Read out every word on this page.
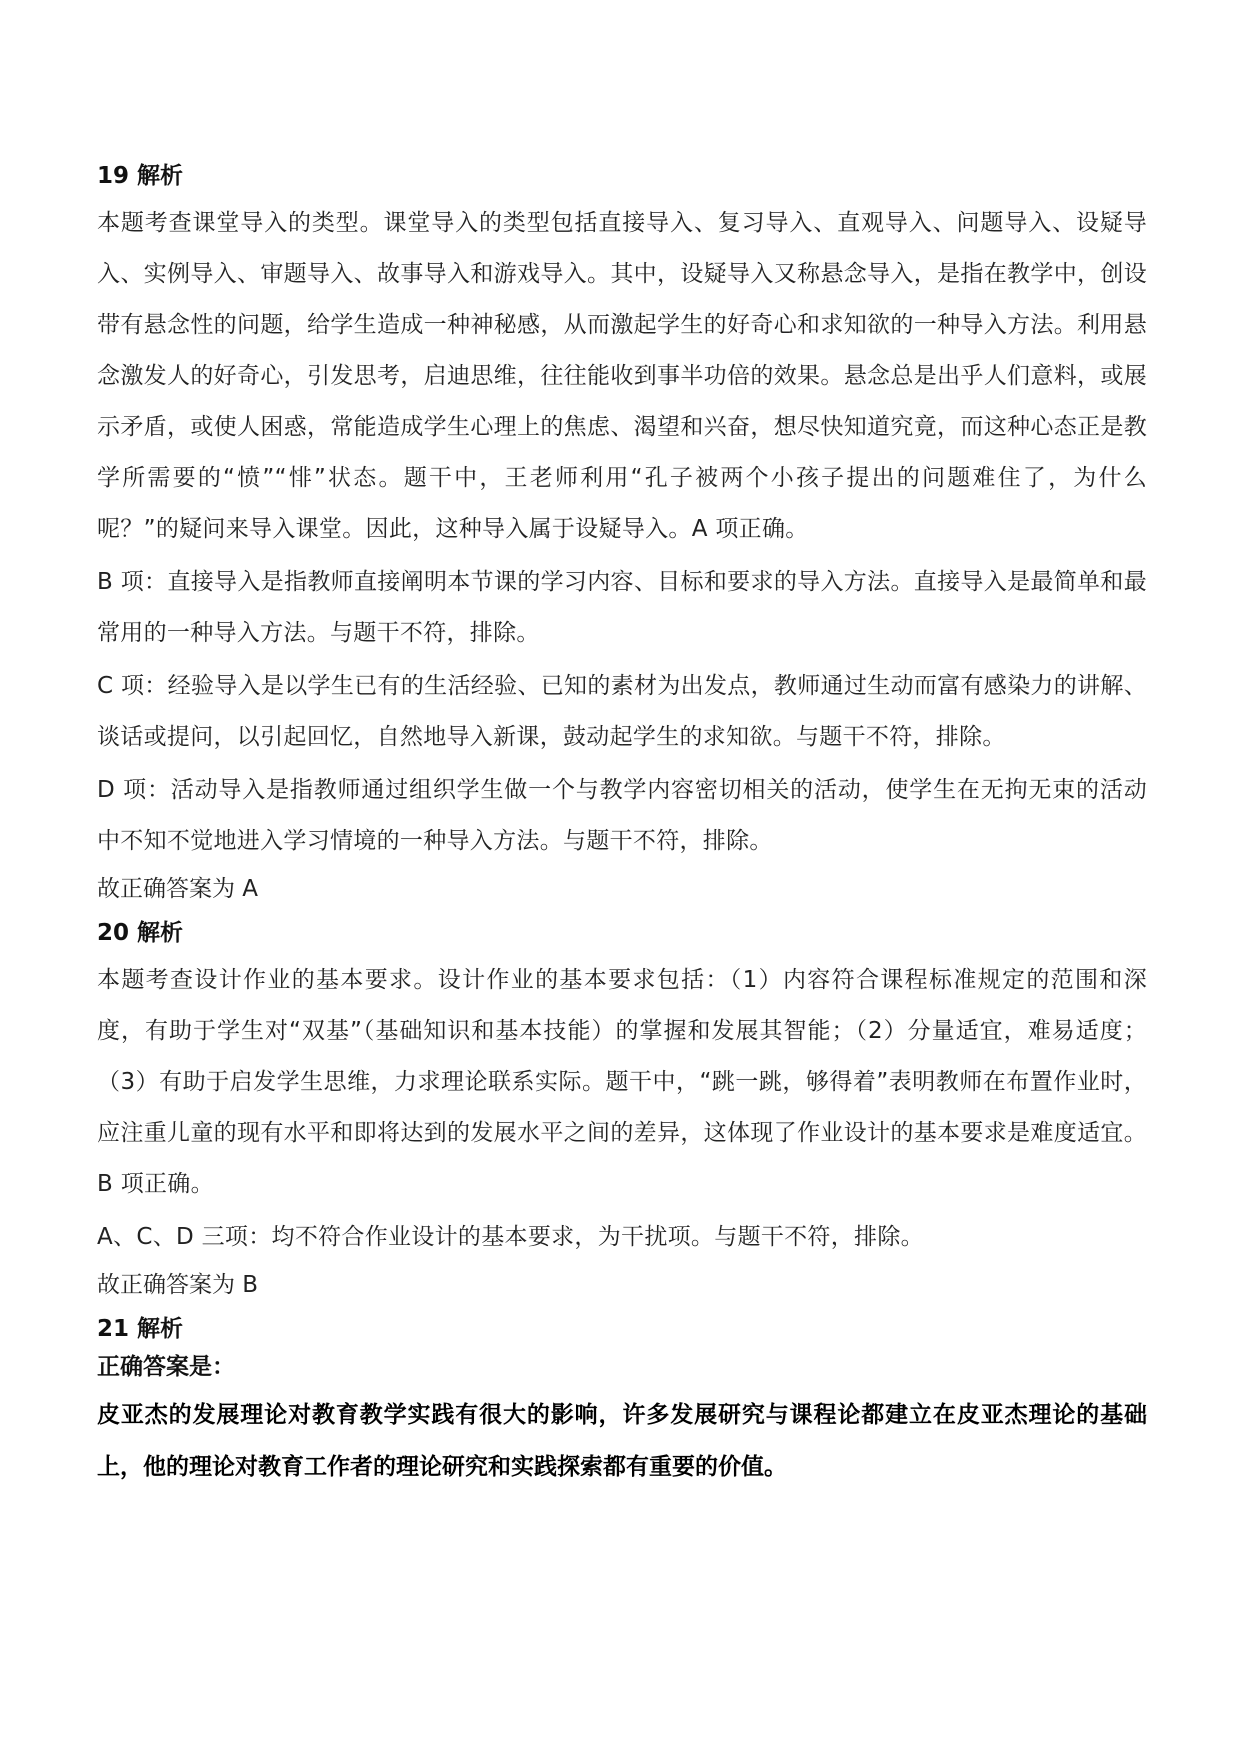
19 解析

本题考查课堂导入的类型。课堂导入的类型包括直接导入、复习导入、直观导入、问题导入、设疑导入、实例导入、审题导入、故事导入和游戏导入。其中，设疑导入又称悬念导入，是指在教学中，创设带有悬念性的问题，给学生造成一种神秘感，从而激起学生的好奇心和求知欲的一种导入方法。利用悬念激发人的好奇心，引发思考，启迪思维，往往能收到事半功倍的效果。悬念总是出乎人们意料，或展示矛盾，或使人困惑，常能造成学生心理上的焦虑、渴望和兴奋，想尽快知道究竟，而这种心态正是教学所需要的“愤”“悱”状态。题干中，王老师利用“孔子被两个小孩子提出的问题难住了，为什么呢？”的疑问来导入课堂。因此，这种导入属于设疑导入。A 项正确。

B 项：直接导入是指教师直接阐明本节课的学习内容、目标和要求的导入方法。直接导入是最简单和最常用的一种导入方法。与题干不符，排除。

C 项：经验导入是以学生已有的生活经验、已知的素材为出发点，教师通过生动而富有感染力的讲解、谈话或提问，以引起回忆，自然地导入新课，鼓动起学生的求知欲。与题干不符，排除。

D 项：活动导入是指教师通过组织学生做一个与教学内容密切相关的活动，使学生在无拘无束的活动中不知不觉地进入学习情境的一种导入方法。与题干不符，排除。

故正确答案为 A
20 解析

本题考查设计作业的基本要求。设计作业的基本要求包括：（1）内容符合课程标准规定的范围和深度，有助于学生对“双基”（基础知识和基本技能）的掌握和发展其智能；（2）分量适宜，难易适度；（3）有助于启发学生思维，力求理论联系实际。题干中，“跳一跳，够得着”表明教师在布置作业时，应注重儿童的现有水平和即将达到的发展水平之间的差异，这体现了作业设计的基本要求是难度适宜。B 项正确。

A、C、D 三项：均不符合作业设计的基本要求，为干扰项。与题干不符，排除。

故正确答案为 B
21 解析
正确答案是：

皮亚杰的发展理论对教育教学实践有很大的影响，许多发展研究与课程论都建立在皮亚杰理论的基础上，他的理论对教育工作者的理论研究和实践探索都有重要的价值。
